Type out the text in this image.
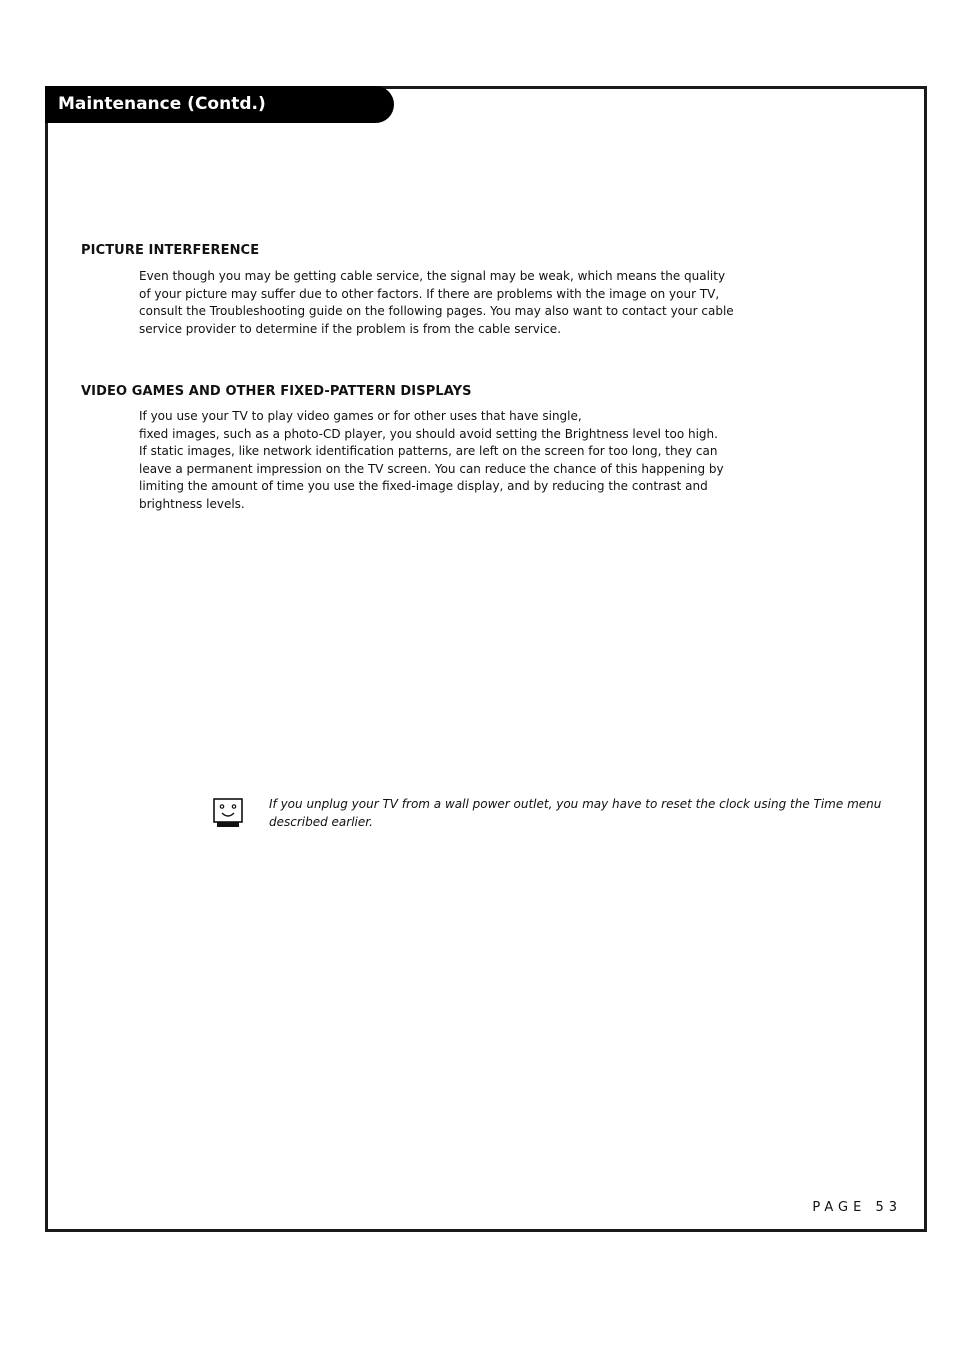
Maintenance (Contd.)
PICTURE INTERFERENCE
Even though you may be getting cable service, the signal may be weak, which means the quality
of your picture may suffer due to other factors. If there are problems with the image on your TV,
consult the Troubleshooting guide on the following pages. You may also want to contact your cable
service provider to determine if the problem is from the cable service.
VIDEO GAMES AND OTHER FIXED-PATTERN DISPLAYS
If you use your TV to play video games or for other uses that have single,
fixed images, such as a photo-CD player, you should avoid setting the Brightness level too high.
If static images, like network identification patterns, are left on the screen for too long, they can
leave a permanent impression on the TV screen. You can reduce the chance of this happening by
limiting the amount of time you use the fixed-image display, and by reducing the contrast and
brightness levels.
If you unplug your TV from a wall power outlet, you may have to reset the clock using the Time menu
described earlier.
PAGE 53
